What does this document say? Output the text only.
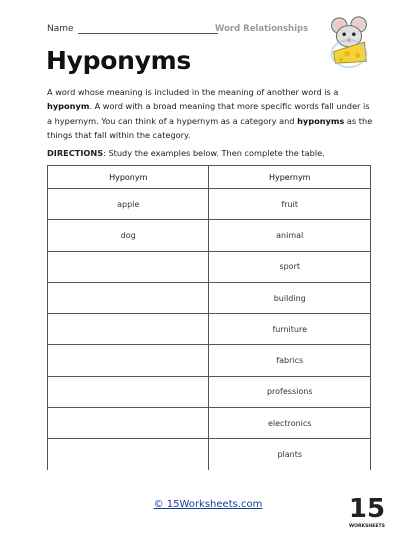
Name	Word Relationships
Hyponyms

A word whose meaning is included in the meaning of another word is a hyponym. A word with a broad meaning that more specific words fall under is a hypernym. You can think of a hypernym as a category and hyponyms as the things that fall within the category.

DIRECTIONS: Study the examples below. Then complete the table.

Hyponym	Hypernym
apple	fruit
dog	animal
	sport
	building
	furniture
	fabrics
	professions
	electronics
	plants
© 15Worksheets.com	15
WORKSHEETS
